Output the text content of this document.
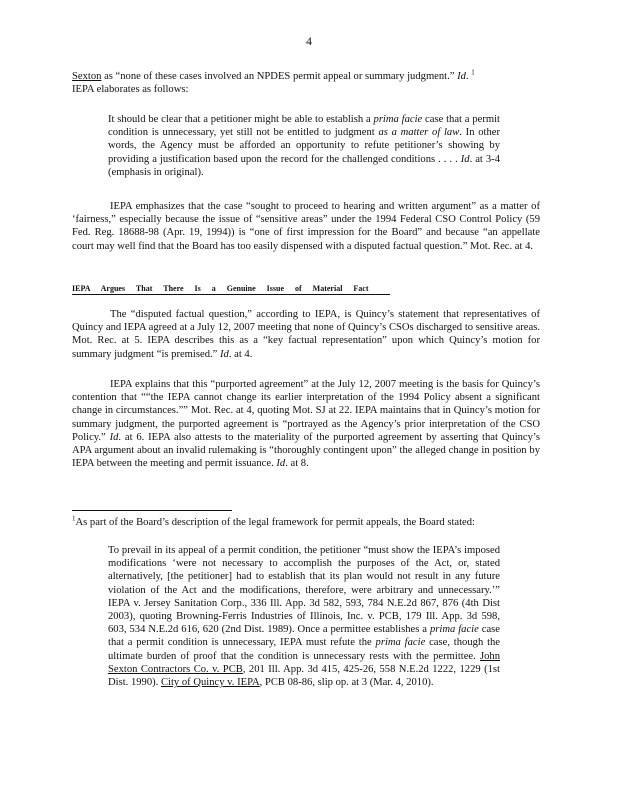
4

Sexton as “none of these cases involved an NPDES permit appeal or summary judgment.” Id. $^1$

IEPA elaborates as follows:

It should be clear that a petitioner might be able to establish a prima facie case that a permit condition is unnecessary, yet still not be entitled to judgment as a matter of law. In other words, the Agency must be afforded an opportunity to refute petitioner’s showing by providing a justification based upon the record for the challenged conditions . . . . Id. at 3-4 (emphasis in original).

IEPA emphasizes that the case “sought to proceed to hearing and written argument” as a matter of ‘fairness,” especially because the issue of “sensitive areas” under the 1994 Federal CSO Control Policy (59 Fed. Reg. 18688-98 (Apr. 19, 1994)) is “one of first impression for the Board” and because “an appellate court may well find that the Board has too easily dispensed with a disputed factual question.” Mot. Rec. at 4.

IEPA Argues That There Is a Genuine Issue of Material Fact

The “disputed factual question,” according to IEPA, is Quincy’s statement that representatives of Quincy and IEPA agreed at a July 12, 2007 meeting that none of Quincy’s CSOs discharged to sensitive areas. Mot. Rec. at 5. IEPA describes this as a “key factual representation” upon which Quincy’s motion for summary judgment “is premised.” Id. at 4.

IEPA explains that this “purported agreement” at the July 12, 2007 meeting is the basis for Quincy’s contention that ““the IEPA cannot change its earlier interpretation of the 1994 Policy absent a significant change in circumstances.”” Mot. Rec. at 4, quoting Mot. SJ at 22. IEPA maintains that in Quincy’s motion for summary judgment, the purported agreement is “portrayed as the Agency’s prior interpretation of the CSO Policy.” Id. at 6. IEPA also attests to the materiality of the purported agreement by asserting that Quincy’s APA argument about an invalid rulemaking is “thoroughly contingent upon” the alleged change in position by IEPA between the meeting and permit issuance. Id. at 8.

$^1$As part of the Board’s description of the legal framework for permit appeals, the Board stated:
To prevail in its appeal of a permit condition, the petitioner “must show the IEPA’s imposed modifications ‘were not necessary to accomplish the purposes of the Act, or, stated alternatively, [the petitioner] had to establish that its plan would not result in any future violation of the Act and the modifications, therefore, were arbitrary and unnecessary.’” IEPA v. Jersey Sanitation Corp., 336 Ill. App. 3d 582, 593, 784 N.E.2d 867, 876 (4th Dist 2003), quoting Browning-Ferris Industries of Illinois, Inc. v. PCB, 179 Ill. App. 3d 598, 603, 534 N.E.2d 616, 620 (2nd Dist. 1989). Once a permittee establishes a prima facie case that a permit condition is unnecessary, IEPA must refute the prima facie case, though the ultimate burden of proof that the condition is unnecessary rests with the permittee. John Sexton Contractors Co. v. PCB, 201 Ill. App. 3d 415, 425-26, 558 N.E.2d 1222, 1229 (1st Dist. 1990). City of Quincy v. IEPA, PCB 08-86, slip op. at 3 (Mar. 4, 2010).
